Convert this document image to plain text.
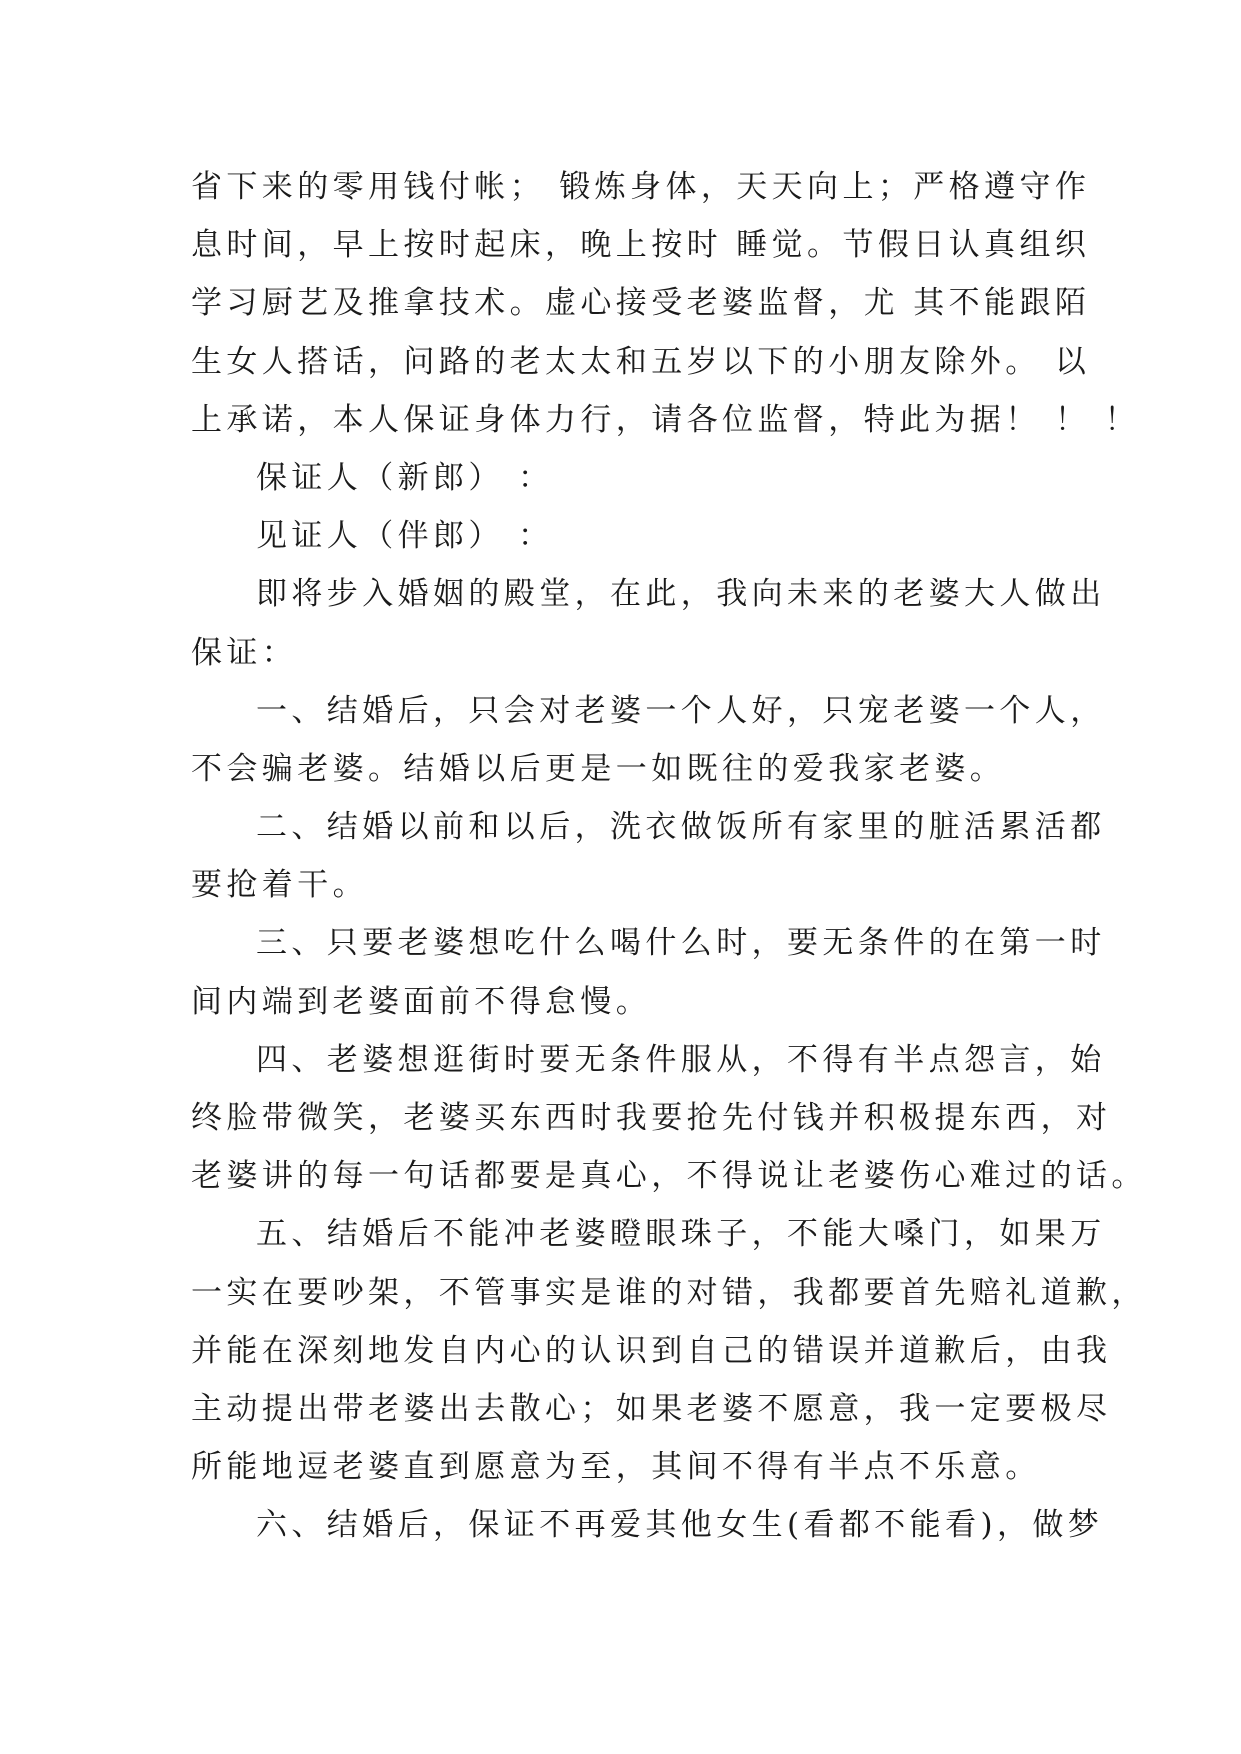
省下来的零用钱付帐； 锻炼身体，天天向上；严格遵守作
息时间，早上按时起床，晚上按时 睡觉。节假日认真组织
学习厨艺及推拿技术。虚心接受老婆监督，尤 其不能跟陌
生女人搭话，问路的老太太和五岁以下的小朋友除外。 以
上承诺，本人保证身体力行，请各位监督，特此为据！ ！ ！
保证人（新郎） ：
见证人（伴郎） ：
即将步入婚姻的殿堂，在此，我向未来的老婆大人做出
保证：
一、结婚后，只会对老婆一个人好，只宠老婆一个人，
不会骗老婆。结婚以后更是一如既往的爱我家老婆。
二、结婚以前和以后，洗衣做饭所有家里的脏活累活都
要抢着干。
三、只要老婆想吃什么喝什么时，要无条件的在第一时
间内端到老婆面前不得怠慢。
四、老婆想逛街时要无条件服从，不得有半点怨言，始
终脸带微笑，老婆买东西时我要抢先付钱并积极提东西，对
老婆讲的每一句话都要是真心，不得说让老婆伤心难过的话。
五、结婚后不能冲老婆瞪眼珠子，不能大嗓门，如果万
一实在要吵架，不管事实是谁的对错，我都要首先赔礼道歉，
并能在深刻地发自内心的认识到自己的错误并道歉后，由我
主动提出带老婆出去散心；如果老婆不愿意，我一定要极尽
所能地逗老婆直到愿意为至，其间不得有半点不乐意。
六、结婚后，保证不再爱其他女生(看都不能看)，做梦
